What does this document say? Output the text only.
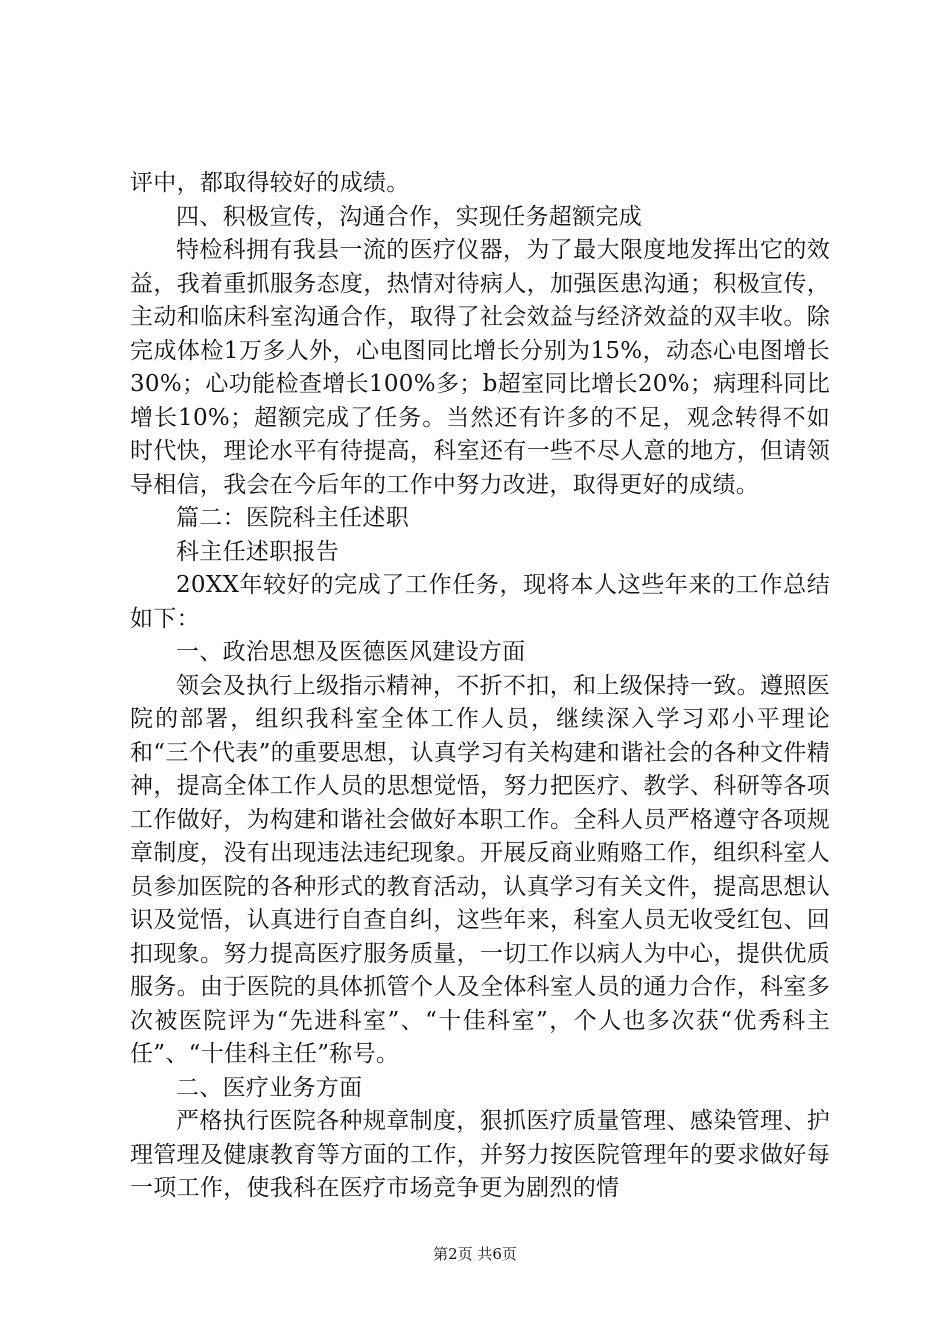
评中，都取得较好的成绩。

四、积极宣传，沟通合作，实现任务超额完成

特检科拥有我县一流的医疗仪器，为了最大限度地发挥出它的效益，我着重抓服务态度，热情对待病人，加强医患沟通；积极宣传，主动和临床科室沟通合作，取得了社会效益与经济效益的双丰收。除完成体检1万多人外，心电图同比增长分别为15%，动态心电图增长30%；心功能检查增长100%多；b超室同比增长20%；病理科同比增长10%；超额完成了任务。当然还有许多的不足，观念转得不如时代快，理论水平有待提高，科室还有一些不尽人意的地方，但请领导相信，我会在今后年的工作中努力改进，取得更好的成绩。

篇二：医院科主任述职

科主任述职报告

20XX年较好的完成了工作任务，现将本人这些年来的工作总结如下：

一、政治思想及医德医风建设方面

领会及执行上级指示精神，不折不扣，和上级保持一致。遵照医院的部署，组织我科室全体工作人员，继续深入学习邓小平理论和“三个代表”的重要思想，认真学习有关构建和谐社会的各种文件精神，提高全体工作人员的思想觉悟，努力把医疗、教学、科研等各项工作做好，为构建和谐社会做好本职工作。全科人员严格遵守各项规章制度，没有出现违法违纪现象。开展反商业贿赂工作，组织科室人员参加医院的各种形式的教育活动，认真学习有关文件，提高思想认识及觉悟，认真进行自查自纠，这些年来，科室人员无收受红包、回扣现象。努力提高医疗服务质量，一切工作以病人为中心，提供优质服务。由于医院的具体抓管个人及全体科室人员的通力合作，科室多次被医院评为“先进科室”、“十佳科室”，个人也多次获“优秀科主任”、“十佳科主任”称号。

二、医疗业务方面

严格执行医院各种规章制度，狠抓医疗质量管理、感染管理、护理管理及健康教育等方面的工作，并努力按医院管理年的要求做好每一项工作，使我科在医疗市场竞争更为剧烈的情

第2页 共6页
